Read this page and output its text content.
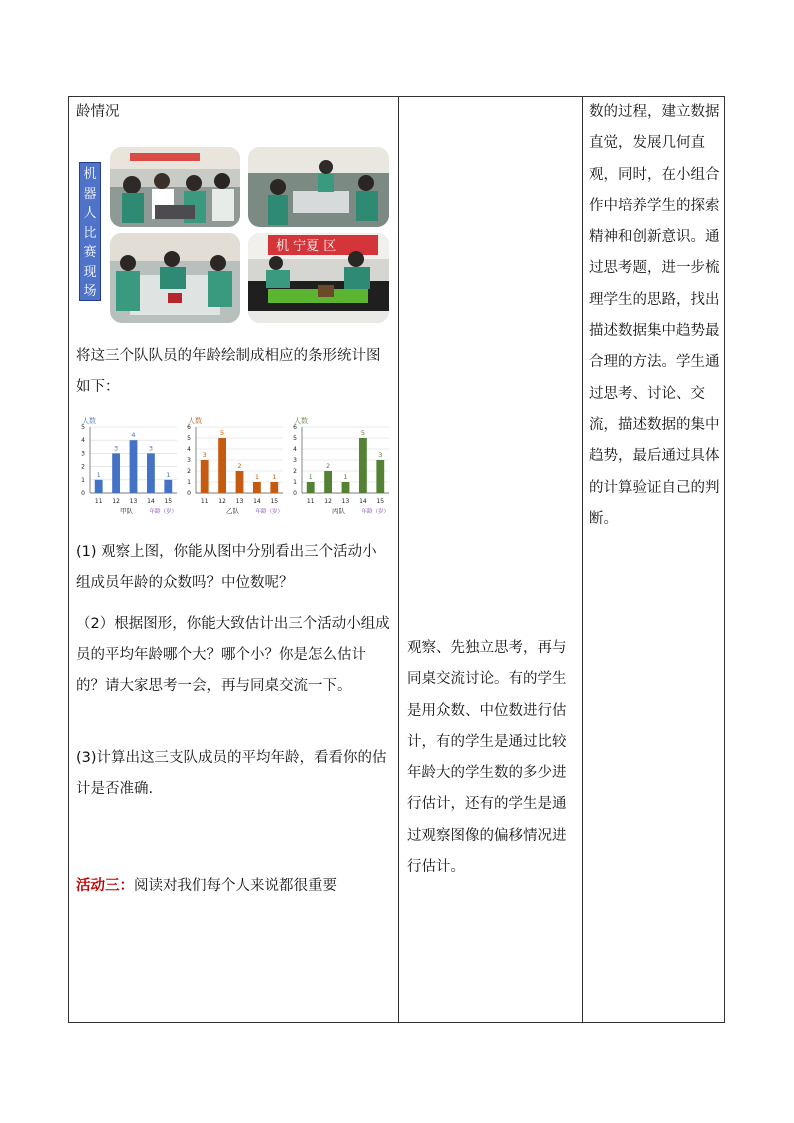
龄情况

机
器
人
比
赛
现
场
图
机 宁夏 区

将这三个队队员的年龄绘制成相应的条形统计图如下：

人数
0
1
2
3
4
5
1
11
3
12
4
13
3
14
1
15
甲队	年龄（岁）
人数
0
1
2
3
4
5
6
3
11
5
12
2
13
1
14
1
15
乙队	年龄（岁）
人数
0
1
2
3
4
5
6
1
11
2
12
1
13
5
14
3
15
丙队	年龄（岁）

(1) 观察上图，你能从图中分别看出三个活动小组成员年龄的众数吗？中位数呢？

（2）根据图形，你能大致估计出三个活动小组成员的平均年龄哪个大？哪个小？你是怎么估计的？请大家思考一会，再与同桌交流一下。

(3)计算出这三支队成员的平均年龄，看看你的估计是否准确.

活动三：阅读对我们每个人来说都很重要

观察、先独立思考，再与同桌交流讨论。有的学生是用众数、中位数进行估计，有的学生是通过比较年龄大的学生数的多少进行估计，还有的学生是通过观察图像的偏移情况进行估计。

数的过程，建立数据直觉，发展几何直观，同时，在小组合作中培养学生的探索精神和创新意识。通过思考题，进一步梳理学生的思路，找出描述数据集中趋势最合理的方法。学生通过思考、讨论、交流，描述数据的集中趋势，最后通过具体的计算验证自己的判断。
